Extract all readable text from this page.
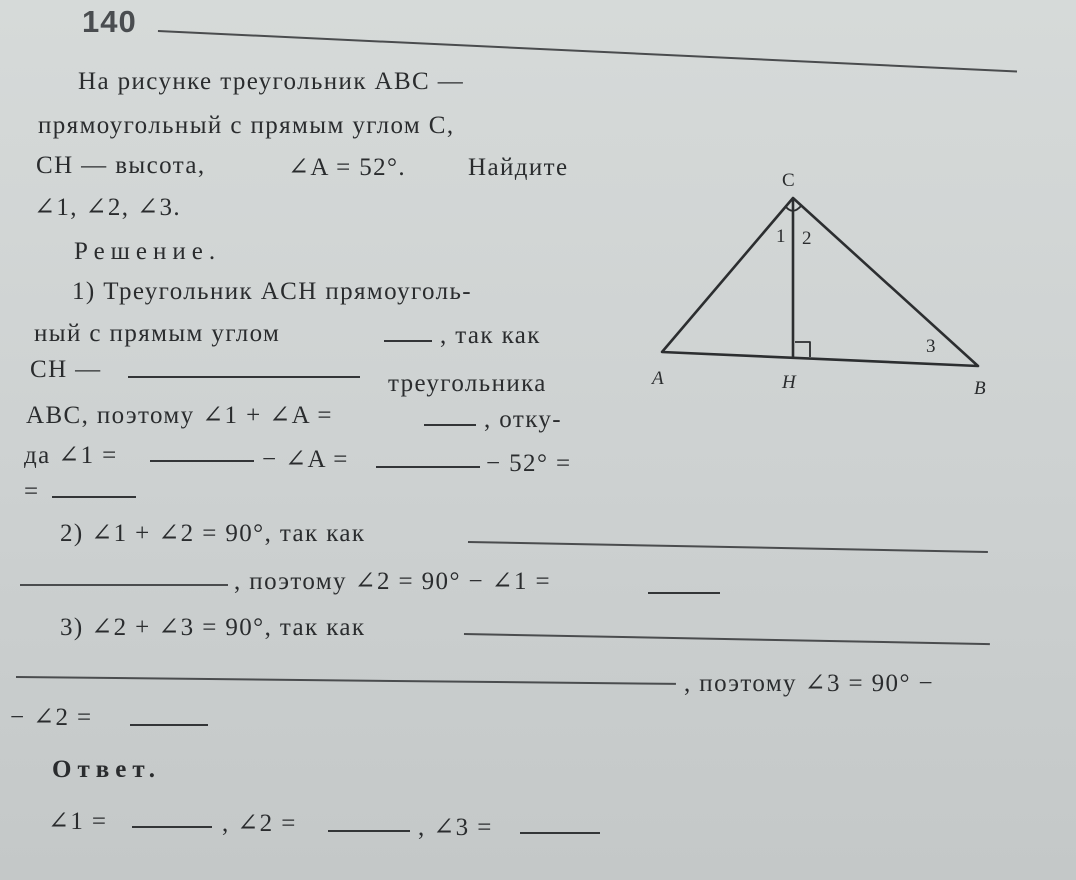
140
На рисунке треугольник ABC —
прямоугольный с прямым углом C,
CH — высота,	∠A = 52°. Найдите
∠1, ∠2, ∠3.
Решение.
1) Треугольник ACH прямоуголь-
ный с прямым углом	, так как
CH —
треугольника
ABC, поэтому ∠1 + ∠A =	, отку-
да ∠1 =	− ∠A =	− 52° =
=
2) ∠1 + ∠2 = 90°, так как
, поэтому ∠2 = 90° − ∠1 =
3) ∠2 + ∠3 = 90°, так как
, поэтому ∠3 = 90° −
− ∠2 =
Ответ.
∠1 =	, ∠2 =	, ∠3 =
C
A	H	B
1 2
3
